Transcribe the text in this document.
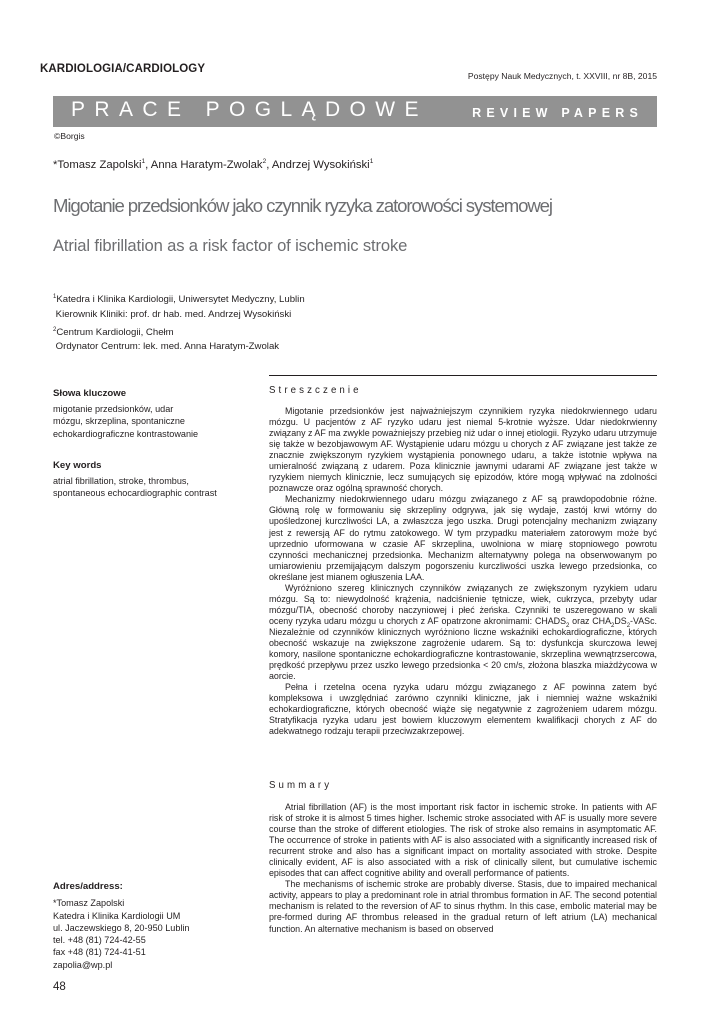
KARDIOLOGIA/CARDIOLOGY
Postępy Nauk Medycznych, t. XXVIII, nr 8B, 2015
PRACE POGLĄDOWE	REVIEW PAPERS
©Borgis
*Tomasz Zapolski$^1$, Anna Haratym-Zwolak$^2$, Andrzej Wysokiński$^1$
Migotanie przedsionków jako czynnik ryzyka zatorowości systemowej
Atrial fibrillation as a risk factor of ischemic stroke
$^1$Katedra i Klinika Kardiologii, Uniwersytet Medyczny, Lublin
Kierownik Kliniki: prof. dr hab. med. Andrzej Wysokiński
$^2$Centrum Kardiologii, Chełm
Ordynator Centrum: lek. med. Anna Haratym-Zwolak
Słowa kluczowe
migotanie przedsionków, udar
mózgu, skrzeplina, spontaniczne
echokardiograficzne kontrastowanie
Key words
atrial fibrillation, stroke, thrombus,
spontaneous echocardiographic contrast
Streszczenie

Migotanie przedsionków jest najważniejszym czynnikiem ryzyka niedokrwiennego udaru mózgu. U pacjentów z AF ryzyko udaru jest niemal 5-krotnie wyższe. Udar niedokrwienny związany z AF ma zwykle poważniejszy przebieg niż udar o innej etiologii. Ryzyko udaru utrzymuje się także w bezobjawowym AF. Wystąpienie udaru mózgu u chorych z AF związane jest także ze znacznie zwiększonym ryzykiem wystąpienia ponownego udaru, a także istotnie wpływa na umieralność związaną z udarem. Poza klinicznie jawnymi udarami AF związane jest także w ryzykiem niemych klinicznie, lecz sumujących się epizodów, które mogą wpływać na zdolności poznawcze oraz ogólną sprawność chorych.

Mechanizmy niedokrwiennego udaru mózgu związanego z AF są prawdopodobnie różne. Główną rolę w formowaniu się skrzepliny odgrywa, jak się wydaje, zastój krwi wtórny do upośledzonej kurczliwości LA, a zwłaszcza jego uszka. Drugi potencjalny mechanizm związany jest z rewersją AF do rytmu zatokowego. W tym przypadku materiałem zatorowym może być uprzednio uformowana w czasie AF skrzeplina, uwolniona w miarę stopniowego powrotu czynności mechanicznej przedsionka. Mechanizm alternatywny polega na obserwowanym po umiarowieniu przemijającym dalszym pogorszeniu kurczliwości uszka lewego przedsionka, co określane jest mianem ogłuszenia LAA.

Wyróżniono szereg klinicznych czynników związanych ze zwiększonym ryzykiem udaru mózgu. Są to: niewydolność krążenia, nadciśnienie tętnicze, wiek, cukrzyca, przebyty udar mózgu/TIA, obecność choroby naczyniowej i płeć żeńska. Czynniki te uszeregowano w skali oceny ryzyka udaru mózgu u chorych z AF opatrzone akronimami: $CHADS_2$ oraz $CHA_2DS_2$-VASc. Niezależnie od czynników klinicznych wyróżniono liczne wskaźniki echokardiograficzne, których obecność wskazuje na zwiększone zagrożenie udarem. Są to: dysfunkcja skurczowa lewej komory, nasilone spontaniczne echokardiograficzne kontrastowanie, skrzeplina wewnątrzsercowa, prędkość przepływu przez uszko lewego przedsionka < 20 cm/s, złożona blaszka miażdżycowa w aorcie.

Pełna i rzetelna ocena ryzyka udaru mózgu związanego z AF powinna zatem być kompleksowa i uwzględniać zarówno czynniki kliniczne, jak i niemniej ważne wskaźniki echokardiograficzne, których obecność wiąże się negatywnie z zagrożeniem udarem mózgu. Stratyfikacja ryzyka udaru jest bowiem kluczowym elementem kwalifikacji chorych z AF do adekwatnego rodzaju terapii przeciwzakrzepowej.

Summary

Atrial fibrillation (AF) is the most important risk factor in ischemic stroke. In patients with AF risk of stroke it is almost 5 times higher. Ischemic stroke associated with AF is usually more severe course than the stroke of different etiologies. The risk of stroke also remains in asymptomatic AF. The occurrence of stroke in patients with AF is also associated with a significantly increased risk of recurrent stroke and also has a significant impact on mortality associated with stroke. Despite clinically evident, AF is also associated with a risk of clinically silent, but cumulative ischemic episodes that can affect cognitive ability and overall performance of patients.

The mechanisms of ischemic stroke are probably diverse. Stasis, due to impaired mechanical activity, appears to play a predominant role in atrial thrombus formation in AF. The second potential mechanism is related to the reversion of AF to sinus rhythm. In this case, embolic material may be pre-formed during AF thrombus released in the gradual return of left atrium (LA) mechanical function. An alternative mechanism is based on observed

Adres/address:
*Tomasz Zapolski
Katedra i Klinika Kardiologii UM
ul. Jaczewskiego 8, 20-950 Lublin
tel. +48 (81) 724-42-55
fax +48 (81) 724-41-51
zapolia@wp.pl
48
